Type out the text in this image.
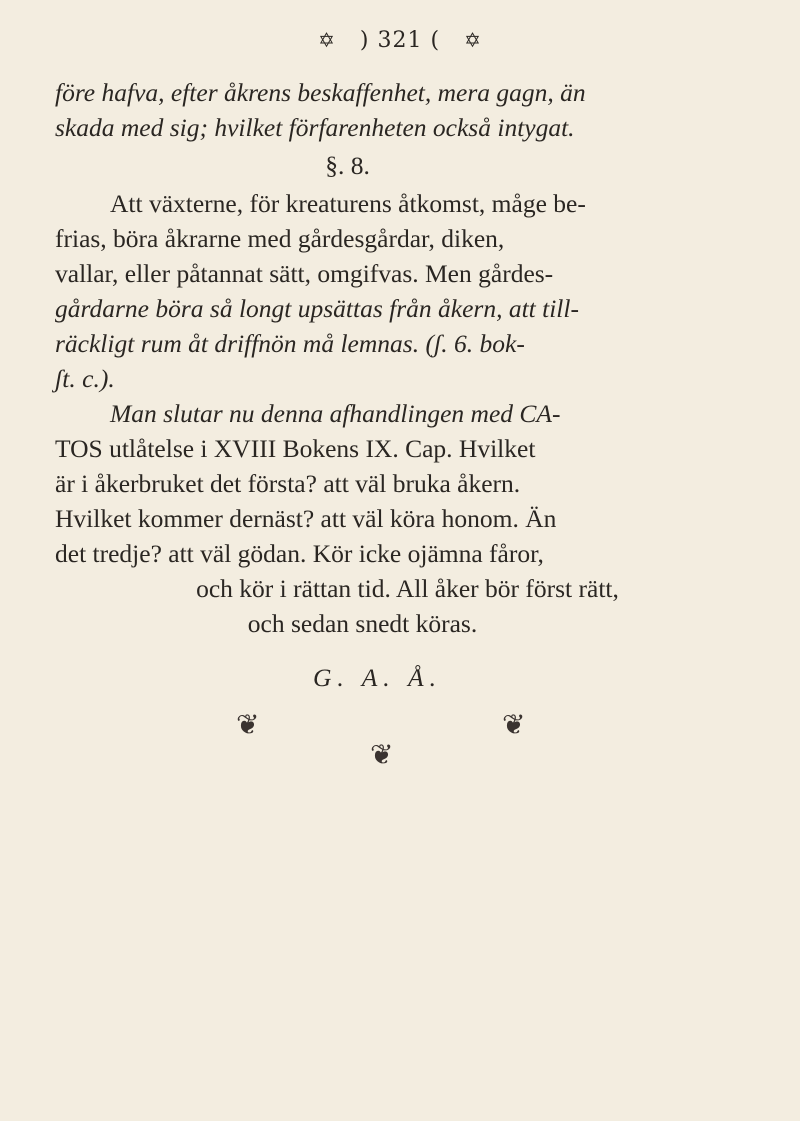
✡ ) 321 ( ✡
före hafva, efter åkrens beskaffenhet, mera gagn, än
skada med sig; hvilket förfarenheten också intygat.
§. 8.
Att växterne, för kreaturens åtkomst, måge be-
frias, böra åkrarne med gårdesgårdar, diken,
vallar, eller påtannat sätt, omgifvas. Men gårdes-
gårdarne böra så longt upsättas från åkern, att till-
räckligt rum åt driffnön må lemnas. (ʃ. 6. bok-
ʃt. c.).
Man slutar nu denna afhandlingen med CA-
TOS utlåtelse i XVIII Bokens IX. Cap. Hvilket
är i åkerbruket det första? att väl bruka åkern.
Hvilket kommer dernäst? att väl köra honom. Än
det tredje? att väl gödan. Kör icke ojämna fåror,
och kör i rättan tid. All åker bör först rätt,
och sedan snedt köras.
G. A. Å.
❦
❦
❦
